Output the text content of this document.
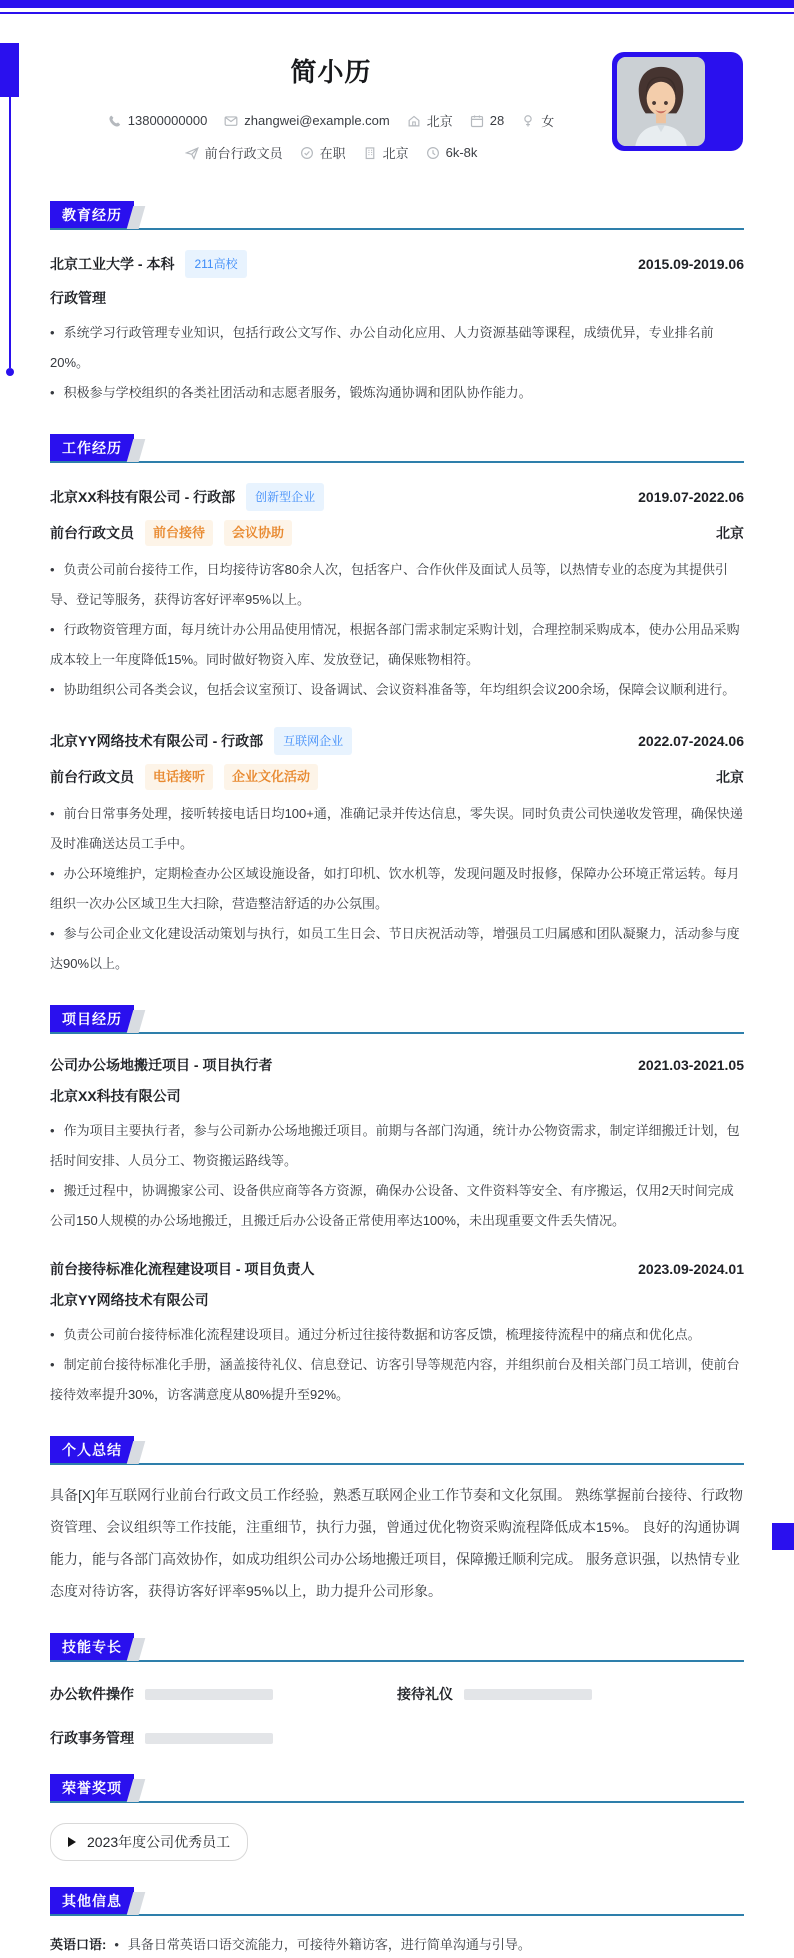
简小历
13800000000	zhangwei@example.com	北京	28	女
前台行政文员	在职	北京	6k-8k
教育经历
北京工业大学 - 本科	211高校	2015.09-2019.06
行政管理

• 系统学习行政管理专业知识，包括行政公文写作、办公自动化应用、人力资源基础等课程，成绩优异，专业排名前20%。

• 积极参与学校组织的各类社团活动和志愿者服务，锻炼沟通协调和团队协作能力。

工作经历
北京XX科技有限公司 - 行政部	创新型企业	2019.07-2022.06
前台行政文员	前台接待	会议协助	北京

• 负责公司前台接待工作，日均接待访客80余人次，包括客户、合作伙伴及面试人员等，以热情专业的态度为其提供引导、登记等服务，获得访客好评率95%以上。

• 行政物资管理方面，每月统计办公用品使用情况，根据各部门需求制定采购计划，合理控制采购成本，使办公用品采购成本较上一年度降低15%。同时做好物资入库、发放登记，确保账物相符。

• 协助组织公司各类会议，包括会议室预订、设备调试、会议资料准备等，年均组织会议200余场，保障会议顺利进行。

北京YY网络技术有限公司 - 行政部	互联网企业	2022.07-2024.06
前台行政文员	电话接听	企业文化活动	北京

• 前台日常事务处理，接听转接电话日均100+通，准确记录并传达信息，零失误。同时负责公司快递收发管理，确保快递及时准确送达员工手中。

• 办公环境维护，定期检查办公区域设施设备，如打印机、饮水机等，发现问题及时报修，保障办公环境正常运转。每月组织一次办公区域卫生大扫除，营造整洁舒适的办公氛围。

• 参与公司企业文化建设活动策划与执行，如员工生日会、节日庆祝活动等，增强员工归属感和团队凝聚力，活动参与度达90%以上。

项目经历
公司办公场地搬迁项目 - 项目执行者	2021.03-2021.05
北京XX科技有限公司

• 作为项目主要执行者，参与公司新办公场地搬迁项目。前期与各部门沟通，统计办公物资需求，制定详细搬迁计划，包括时间安排、人员分工、物资搬运路线等。

• 搬迁过程中，协调搬家公司、设备供应商等各方资源，确保办公设备、文件资料等安全、有序搬运，仅用2天时间完成公司150人规模的办公场地搬迁，且搬迁后办公设备正常使用率达100%，未出现重要文件丢失情况。

前台接待标准化流程建设项目 - 项目负责人	2023.09-2024.01
北京YY网络技术有限公司

• 负责公司前台接待标准化流程建设项目。通过分析过往接待数据和访客反馈，梳理接待流程中的痛点和优化点。

• 制定前台接待标准化手册，涵盖接待礼仪、信息登记、访客引导等规范内容，并组织前台及相关部门员工培训，使前台接待效率提升30%，访客满意度从80%提升至92%。

个人总结

具备[X]年互联网行业前台行政文员工作经验，熟悉互联网企业工作节奏和文化氛围。 熟练掌握前台接待、行政物资管理、会议组织等工作技能，注重细节，执行力强，曾通过优化物资采购流程降低成本15%。 良好的沟通协调能力，能与各部门高效协作，如成功组织公司办公场地搬迁项目，保障搬迁顺利完成。 服务意识强，以热情专业态度对待访客，获得访客好评率95%以上，助力提升公司形象。

技能专长
办公软件操作	接待礼仪
行政事务管理
荣誉奖项
2023年度公司优秀员工
其他信息
英语口语: • 具备日常英语口语交流能力，可接待外籍访客，进行简单沟通与引导。
